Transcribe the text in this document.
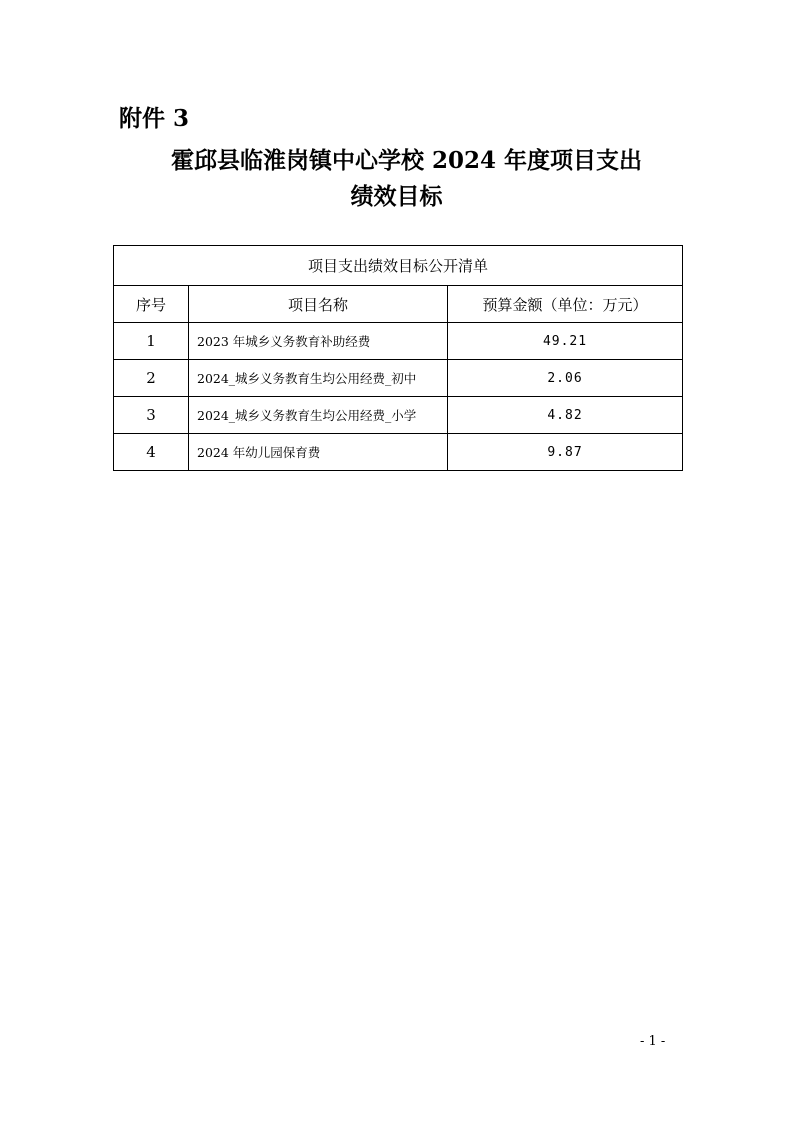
附件 3
霍邱县临淮岗镇中心学校 2024 年度项目支出
绩效目标
项目支出绩效目标公开清单		
序号	项目名称	预算金额（单位：万元）
1	2023 年城乡义务教育补助经费	49.21
2	2024_城乡义务教育生均公用经费_初中	2.06
3	2024_城乡义务教育生均公用经费_小学	4.82
4	2024 年幼儿园保育费	9.87
- 1 -
